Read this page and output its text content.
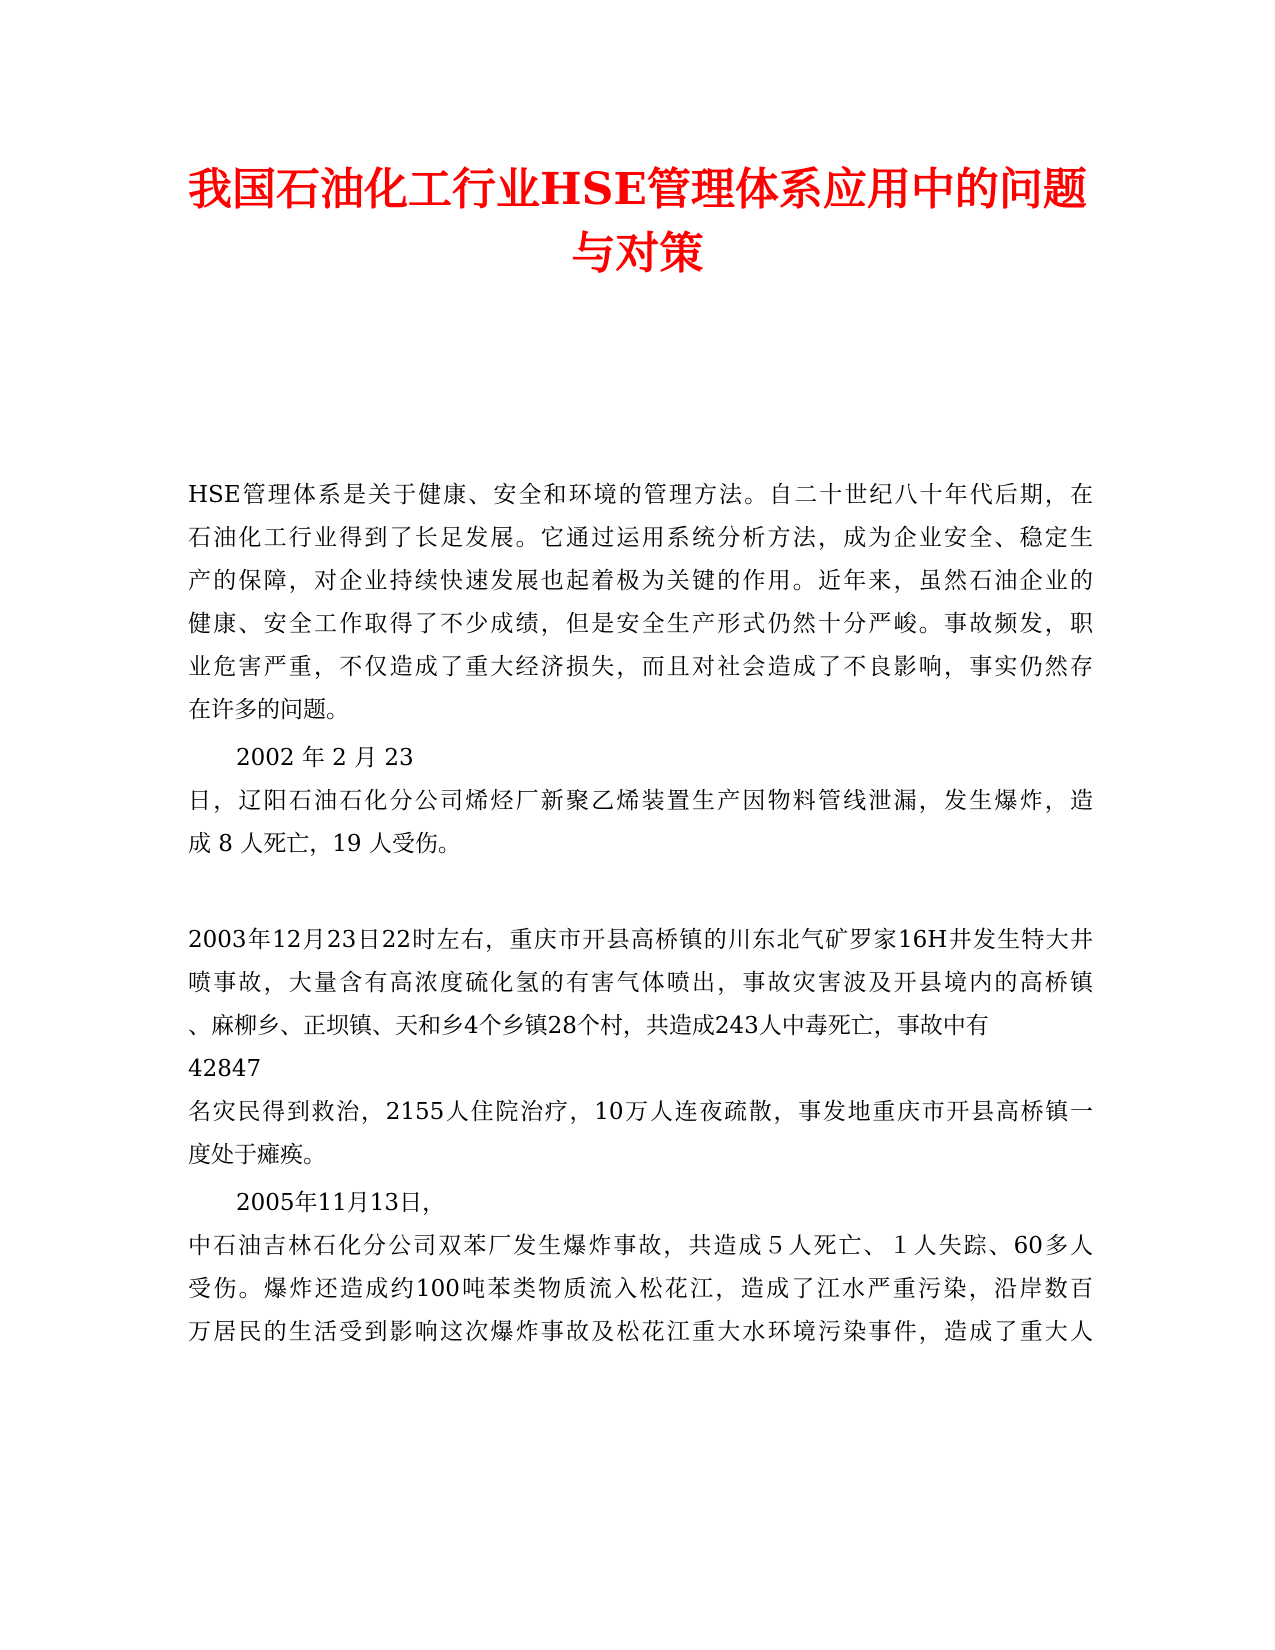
我国石油化工行业HSE管理体系应用中的问题
与对策
HSE管理体系是关于健康、安全和环境的管理方法。自二十世纪八十年代后期，在
石油化工行业得到了长足发展。它通过运用系统分析方法，成为企业安全、稳定生
产的保障，对企业持续快速发展也起着极为关键的作用。近年来，虽然石油企业的
健康、安全工作取得了不少成绩，但是安全生产形式仍然十分严峻。事故频发，职
业危害严重，不仅造成了重大经济损失，而且对社会造成了不良影响，事实仍然存
在许多的问题。
2002 年 2 月 23
日，辽阳石油石化分公司烯烃厂新聚乙烯装置生产因物料管线泄漏，发生爆炸，造
成 8 人死亡，19 人受伤。
2003年12月23日22时左右，重庆市开县高桥镇的川东北气矿罗家16H井发生特大井
喷事故，大量含有高浓度硫化氢的有害气体喷出，事故灾害波及开县境内的高桥镇
、麻柳乡、正坝镇、天和乡4个乡镇28个村，共造成243人中毒死亡，事故中有
42847
名灾民得到救治，2155人住院治疗，10万人连夜疏散，事发地重庆市开县高桥镇一
度处于瘫痪。
2005年11月13日，
中石油吉林石化分公司双苯厂发生爆炸事故，共造成５人死亡、１人失踪、60多人
受伤。爆炸还造成约100吨苯类物质流入松花江，造成了江水严重污染，沿岸数百
万居民的生活受到影响这次爆炸事故及松花江重大水环境污染事件，造成了重大人
